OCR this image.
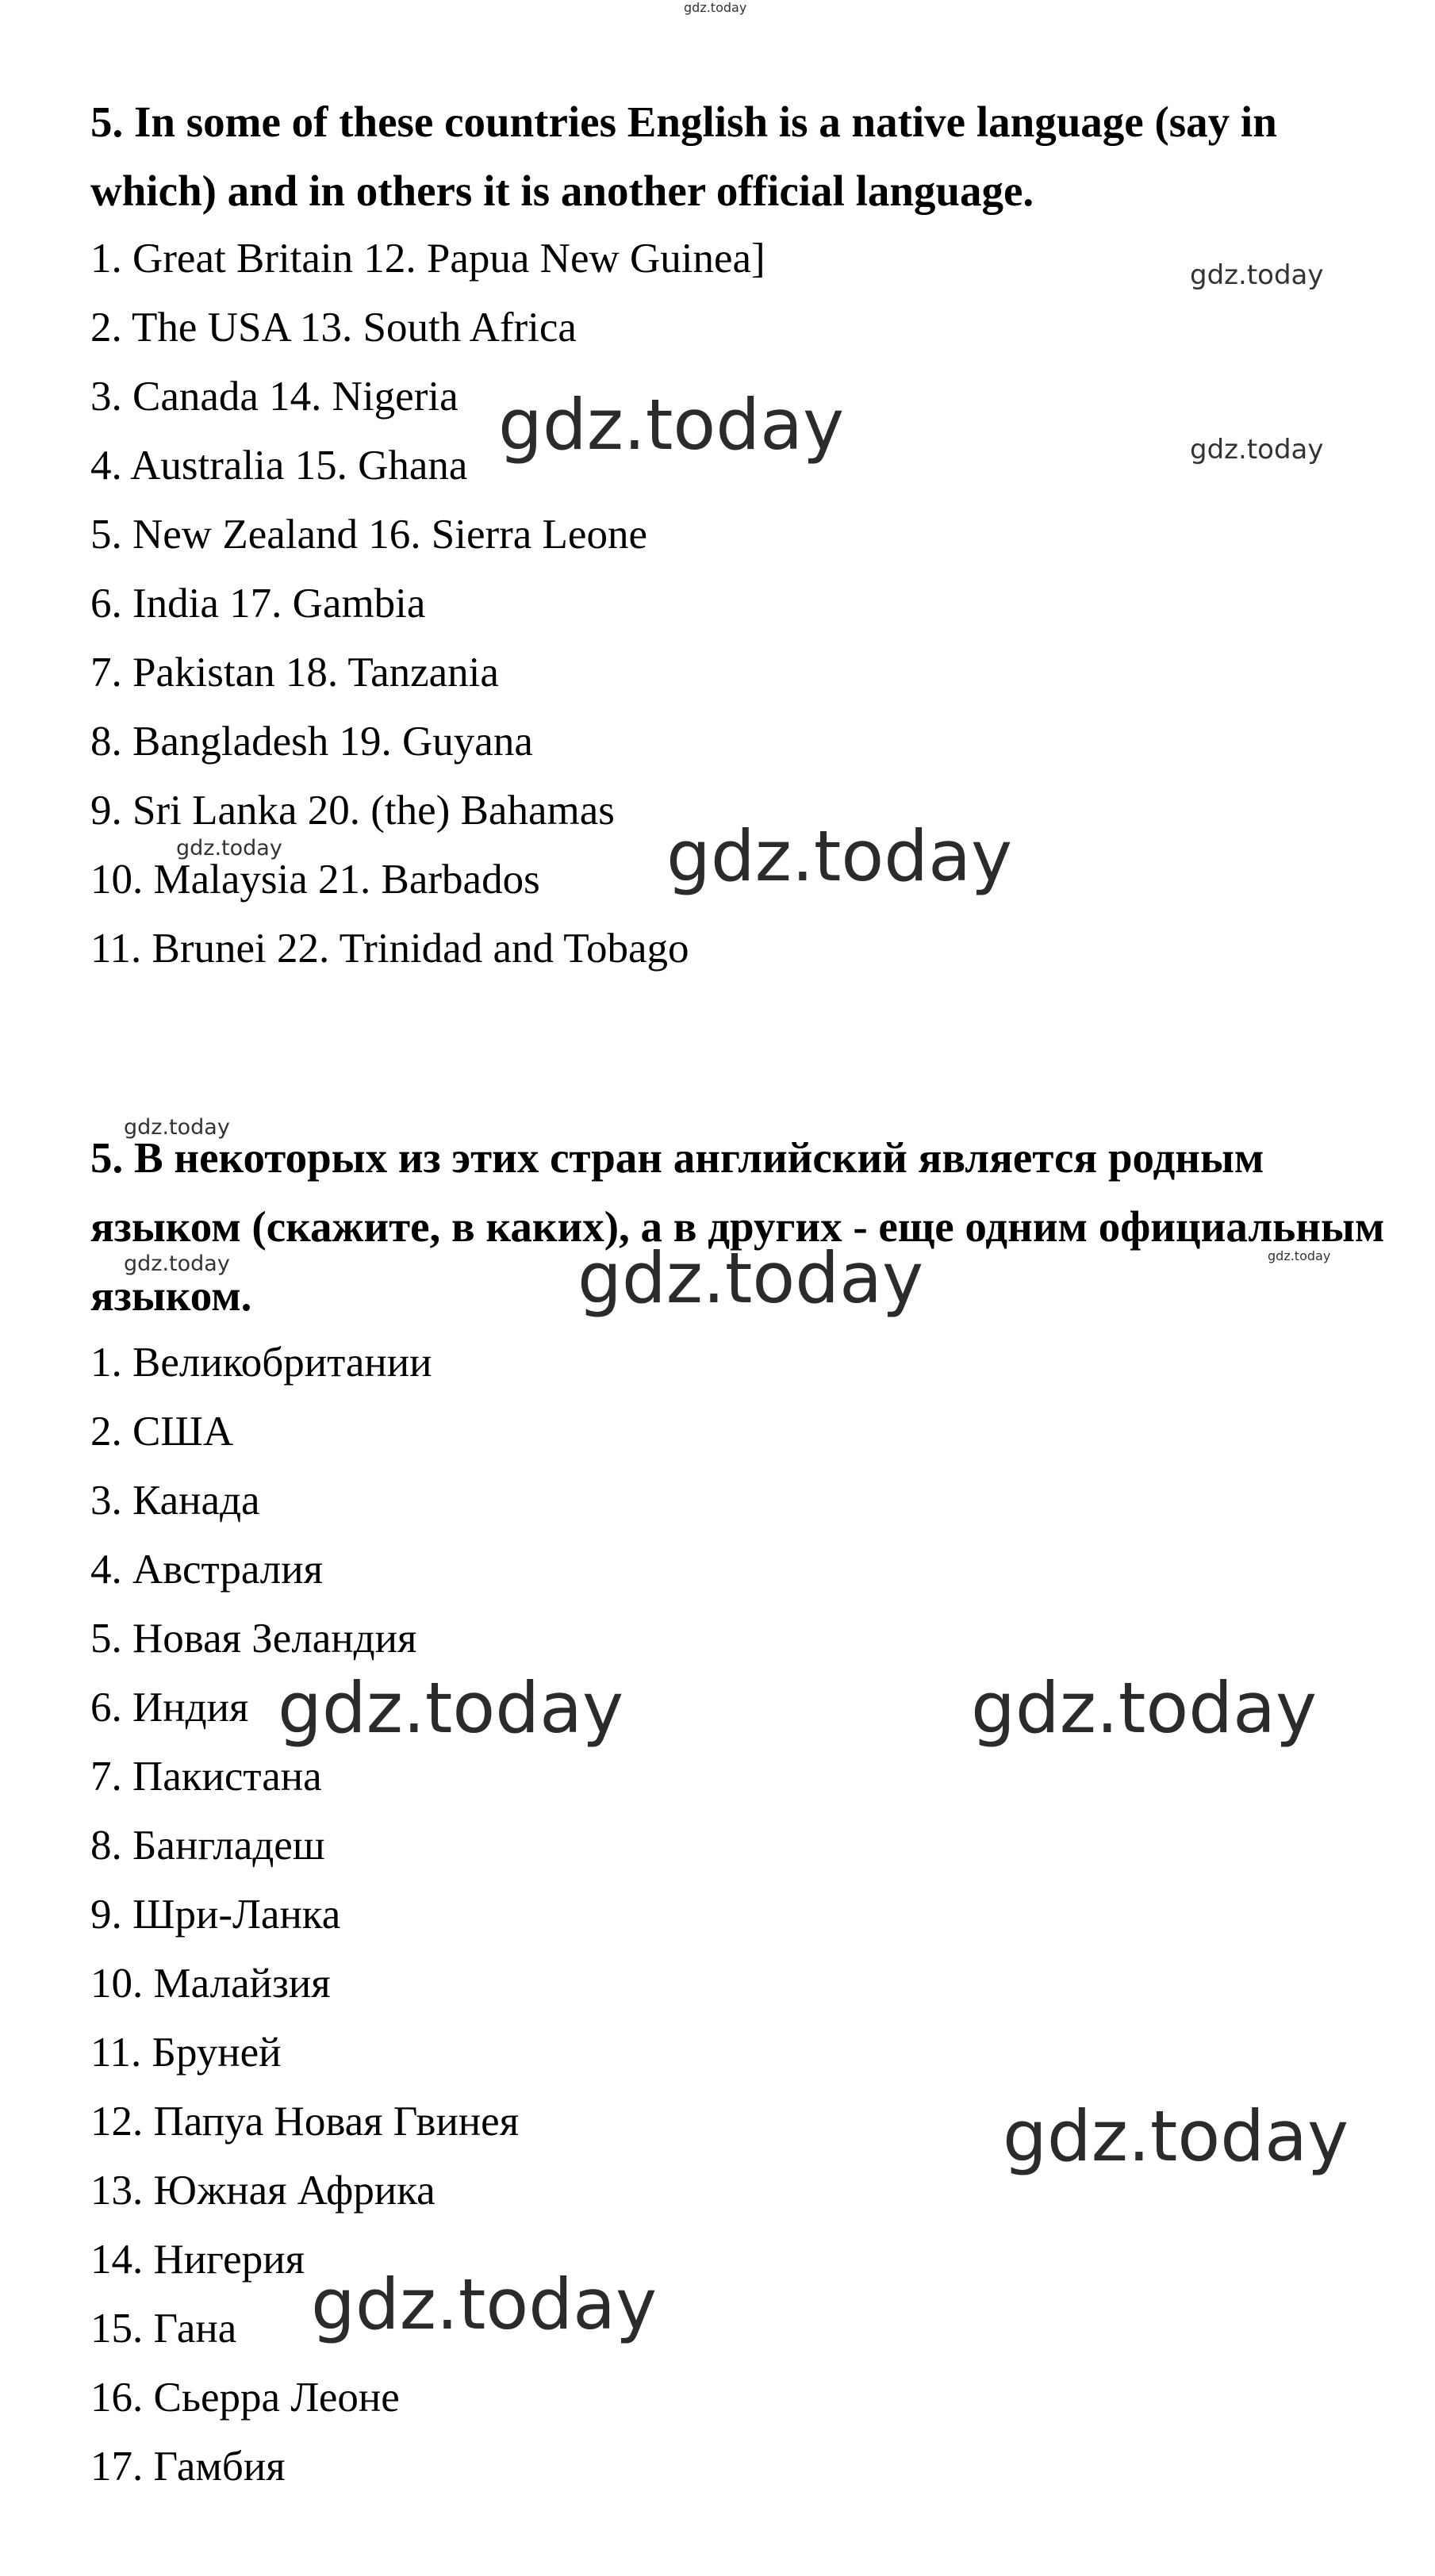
5. In some of these countries English is a native language (say in which) and in others it is another official language.
1. Great Britain 12. Papua New Guinea]
2. The USA 13. South Africa
3. Canada 14. Nigeria
4. Australia 15. Ghana
5. New Zealand 16. Sierra Leone
6. India 17. Gambia
7. Pakistan 18. Tanzania
8. Bangladesh 19. Guyana
9. Sri Lanka 20. (the) Bahamas
10. Malaysia 21. Barbados
11. Brunei 22. Trinidad and Tobago
5. В некоторых из этих стран английский является родным языком (скажите, в каких), а в других - еще одним официальным языком.
1. Великобритании
2. США
3. Канада
4. Австралия
5. Новая Зеландия
6. Индия
7. Пакистана
8. Бангладеш
9. Шри-Ланка
10. Малайзия
11. Бруней
12. Папуа Новая Гвинея
13. Южная Африка
14. Нигерия
15. Гана
16. Сьерра Леоне
17. Гамбия
gdz.today
gdz.today
gdz.today	gdz.today
gdz.today	gdz.today
gdz.today
gdz.today	gdz.today
gdz.today
gdz.today	gdz.today
gdz.today
gdz.today
